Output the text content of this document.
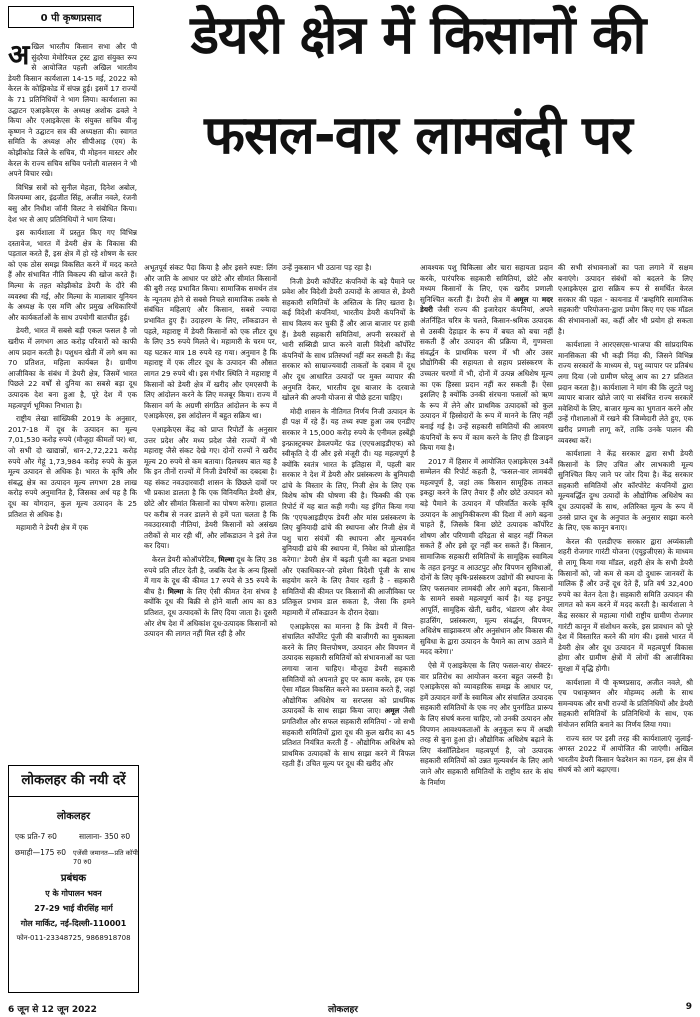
0 पी कृष्णप्रसाद	डेयरी क्षेत्र में किसानों की
फसल-वार लामबंदी पर

अखिल भारतीय किसान सभा और पी सुंदरैया मेमोरियल ट्रस्ट द्वारा संयुक्त रूप से आयोजित पहली अखिल भारतीय डेयरी किसान कार्यशाला 14-15 मई, 2022 को केरल के कोझिकोड में संपन्न हुई। इसमें 17 राज्यों के 71 प्रतिनिधियों ने भाग लिया। कार्यशाला का उद्घाटन एआइकेएस के अध्यक्ष अशोक ढवले ने किया और एआइकेएस के संयुक्त सचिव वीजू कृष्णन ने उद्घाटन सत्र की अध्यक्षता की। स्वागत समिति के अध्यक्ष और सीपीआइ (एम) के कोझीकोड जिले के सचिव, पी मोहनन मास्टर और केरल के राज्य सचिव सचिव पनोली वालसन ने भी अपने विचार रखे।

विभिन्न सत्रों को सुनील मेहता, दिनेश अबोल, विजयम्मा आर, इंद्रजीत सिंह, अजीत नवले, रंजनी बसु और निधीश जॉनी विलट ने संबोधित किया। देश भर से आए प्रतिनिधियों ने भाग लिया।

इस कार्यशाला में प्रस्तुत किए गए विभिन्न दस्तावेज, भारत में डेयरी क्षेत्र के विकास की पड़ताल करते हैं, इस क्षेत्र में हो रहे शोषण के स्तर को एक ठोस समझ विकसित करने में मदद करते हैं और संभावित नीति विकल्प की खोज करते हैं। मिल्मा के तहत कोझीकोड डेयरी के दौरे की व्यवस्था की गई, और मिल्मा के मालाबार यूनियन के अध्यक्ष के एस मणि और प्रमुख अधिकारियों और कार्यकर्ताओं के साथ उपयोगी बातचीत हुई।

डेयरी, भारत में सबसे बड़ी एकल फसल है जो खरीफ में लगभग आठ करोड़ परिवारों को काफी आय प्रदान करती है। पशुधन खेती में लगे श्रम का 70 प्रतिशत, महिला कार्यबल है। ग्रामीण आजीविका के संबंध में डेयरी क्षेत्र, जिसमें भारत पिछले 22 वर्षों से दुनिया का सबसे बड़ा दूध उत्पादक देश बना हुआ है, पूरे देश में एक महत्वपूर्ण भूमिका निभाता है।

राष्ट्रीय लेखा सांख्यिकी 2019 के अनुसार, 2017-18 में दूध के उत्पादन का मूल्य 7,01,530 करोड़ रुपये (मौजूदा कीमतों पर) था, जो सभी दो खाद्यान्नों, धान-2,72,221 करोड़ रुपये और गेहूं 1,73,984 करोड़ रुपये के कुल मूल्य उत्पादन से अधिक है। भारत के कृषि और संबद्ध क्षेत्र का उत्पादन मूल्य लगभग 28 लाख करोड़ रुपये अनुमानित है, जिसका अर्थ यह है कि दूध का योगदान, कुल मूल्य उत्पादन के 25 प्रतिशत से अधिक है।

महामारी ने डेयरी क्षेत्र में एक

अभूतपूर्व संकट पैदा किया है और इसने स्पष्ट: लिंग और जाति के आधार पर छोटे और सीमांत किसानों की बुरी तरह प्रभावित किया। सामाजिक समर्थन तंत्र के न्यूनतम होने से सबसे निचले सामाजिक तबके से संबंधित महिलाएं और किसान, सबसे ज्यादा प्रभावित हुए हैं। उदाहरण के लिए, लॉकडाउन से पहले, महाराष्ट्र में डेयरी किसानों को एक लीटर दूध के लिए 35 रुपये मिलते थे। महामारी के चरम पर, यह घटकर मात्र 18 रुपये रह गया। अनुमान है कि महाराष्ट्र में एक लीटर दूध के उत्पादन की औसत लागत 29 रुपये थी। इस गंभीर स्थिति ने महाराष्ट्र में किसानों को डेयरी क्षेत्र में खरीद और एमएसपी के लिए आंदोलन करने के लिए मजबूर किया। राज्य में किसान वर्ग के अग्रणी संगठित आंदोलन के रूप में एआइकेएस, इस आंदोलन में बहुत सक्रिय था।

एआइकेएस केंद्र को प्राप्त रिपोर्टों के अनुसार उत्तर प्रदेश और मध्य प्रदेश जैसे राज्यों में भी महाराष्ट्र जैसे संकट देखे गए। दोनों राज्यों ने खरीद मूल्य 20 रुपये से कम बताया। दिलचस्प बात यह है कि इन तीनों राज्यों में निजी डेयरियों का दबदबा है। यह संकट नवउदारवादी शासन के छिछले दावों पर भी प्रकाश डालता है कि एक विनियमित डेयरी क्षेत्र, छोटे और सीमांत किसानों का पोषण करेगा। हालात पर करीब से नजर डालने से हमें पता चलता है कि नवउदारवादी नीतियां, डेयरी किसानों को असंख्य तरीकों से मार रही थीं, और लॉकडाउन ने इसे तेज कर दिया।

केरल डेयरी कोऑपरेटिव, मिल्मा दूध के लिए 38 रुपये प्रति लीटर देती है, जबकि देश के अन्य हिस्सों में गाय के दूध की कीमत 17 रुपये से 35 रुपये के बीच है। मिल्मा के लिए ऐसी कीमत देना संभव है क्योंकि दूध की बिक्री से होने वाली आय का 83 प्रतिशत, दूध उत्पादकों के लिए दिया जाता है। दूसरी ओर शेष देश में अधिकांश दूध-उत्पादक किसानों को उत्पादन की लागत नहीं मिल रही है और

उन्हें नुकसान भी उठाना पड़ रहा है।

निजी डेयरी कॉर्पोरेट कंपनियों के बड़े पैमाने पर प्रवेश और विदेशी डेयरी उत्पादों के आयात से, डेयरी सहकारी समितियों के अस्तित्व के लिए खतरा है। कई विदेशी कंपनियां, भारतीय डेयरी कंपनियों के साथ विलय कर चुकी हैं और आज बाजार पर हावी हैं। डेयरी सहकारी समितियां, अपनी सरकारों से भारी सब्सिडी प्राप्त करने वाली विदेशी कॉर्पोरेट कंपनियों के साथ प्रतिस्पर्धा नहीं कर सकती हैं। केंद्र सरकार को साम्राज्यवादी ताकतों के दबाव में दूध और दूध आधारित उत्पादों पर मुक्त व्यापार की अनुमति देकर, भारतीय दूध बाजार के दरवाजे खोलने की अपनी योजना से पीछे हटना चाहिए।

मोदी शासन के नीतिगत निर्णय निजी उत्पादन के ही पक्ष में रहे हैं। यह तथ्य स्पष्ट हुआ जब एनडीए सरकार ने 15,000 करोड़ रुपये के एनीमल हस्बेंड्री इन्फ्रास्ट्रक्चर डेवलपमेंट फंड (एएचआइडीएफ) को स्वीकृति दे दी और इसे मंजूरी दी। यह महत्वपूर्ण है क्योंकि स्वतंत्र भारत के इतिहास में, पहली बार सरकार ने देश में डेयरी और प्रसंस्करण के बुनियादी ढांचे के विस्तार के लिए, निजी क्षेत्र के लिए एक विशेष कोष की घोषणा की है। फिक्की की एक रिपोर्ट में यह बात कही गयी। यह इंगित किया गया कि 'एएचआइडीएफ डेयरी और मांस प्रसंस्करण के लिए बुनियादी ढांचे की स्थापना और निजी क्षेत्र में पशु चारा संयंत्रों की स्थापना और मूल्यवर्धन बुनियादी ढांचे की स्थापना में, निवेश को प्रोत्साहित करेगा।' डेयरी क्षेत्र में बढ़ती पूंजी का बढ़ता प्रभाव और एकाधिकार-जो हमेशा विदेशी पूंजी के साथ सहयोग करने के लिए तैयार रहती है - सहकारी समितियों की कीमत पर किसानों की आजीविका पर प्रतिकूल प्रभाव डाल सकता है, जैसा कि हमने महामारी में लॉकडाउन के दौरान देखा।

एआइकेएस का मानना है कि डेयरी में वित्त-संचालित कॉर्पोरेट पूंजी की बाजीगरी का मुकाबला करने के लिए वित्तपोषण, उत्पादन और विपणन में उत्पादक सहकारी समितियों को संभावनाओं का पता लगाया जाना चाहिए। मौजूदा डेयरी सहकारी समितियों को अपनाते हुए पर काम करके, हम एक ऐसा मॉडल विकसित करने का प्रस्ताव करते हैं, जहां औद्योगिक अधिशेष या सरप्लस को प्राथमिक उत्पादकों के साथ साझा किया जाए। अमूल जैसी प्रगतिशील और सफल सहकारी समितियां - जो सभी सहकारी समितियों द्वारा दूध की कुल खरीद का 45 प्रतिशत नियंत्रित करती हैं - औद्योगिक अधिशेष को प्राथमिक उत्पादकों के साथ साझा करने में विफल रहती हैं। उचित मूल्य पर दूध की खरीद और

आवश्यक पशु चिकित्सा और चारा सहायता प्रदान करके, पारंपरिक सहकारी समितियां, छोटे और मध्यम किसानों के लिए, एक खरीद प्रणाली सुनिश्चित करती हैं। डेयरी क्षेत्र में अमूल या मदर डेयरी जैसी राज्य की इजारेदार कंपनियां, अपने अंतर्निहित चरित्र के चलते, किसान-श्रमिक उत्पादक से उसकी देहाड़ार के रूप में बचत को बचा नहीं सकती हैं और उत्पादन की प्रक्रिया में, गुणवत्ता संवर्द्धन के प्राथमिक चरण में भी और उसर प्रौद्योगिकी की सहायता से सहाय प्रसंस्करण के उच्चतर चरणों में भी, दोनों में उत्पन्न अधिशेष मूल्य का एक हिस्सा प्रदान नहीं कर सकती हैं। ऐसा इसलिए है क्योंकि उनकी संरचना फसलों को ऋण के रूप में लेने और प्राथमिक उत्पादकों को कुल उत्पादन में हिस्सेदारों के रूप में मानने के लिए नहीं बनाई गई है। उन्हें सहकारी समितियों की आवरण कंपनियों के रूप में काम करने के लिए ही डिजाइन किया गया है।

2017 में हिसार में आयोजित एआइकेएस 34वें सम्मेलन की रिपोर्ट कहती है, 'फसल-वार लामबंदी महत्वपूर्ण है, जहां तक किसान सामूहिक ताकत इकट्ठा करने के लिए तैयार हैं और छोटे उत्पादन को बड़े पैमाने के उत्पादन में परिवर्तित करके कृषि उत्पादन के आधुनिकीकरण की दिशा में आगे बढ़ना चाहते हैं, जिसके बिना छोटे उत्पादक कॉर्पोरेट शोषण और परिणामी दरिद्रता से बाहर नहीं निकल सकते हैं और इसे दूर नहीं कर सकते हैं। किसान, सामाजिक सहकारी समितियों के सामूहिक स्वामित्व के तहत इनपुट व आउटपुट और विपणन सुविधाओं, दोनों के लिए कृषि-प्रसंस्करण उद्योगों की स्थापना के लिए फसलवार लामबंदी और आगे बढ़ना, किसानों के सामने सबसे महत्वपूर्ण कार्य है। यह इनपुट आपूर्ति, सामूहिक खेती, खरीद, भंडारण और वेयर हाउसिंग, प्रसंस्करण, मूल्य संवर्द्धन, विपणन, अधिशेष साझाकरण और अनुसंधान और विकास की सुविधा के द्वारा उत्पादन के पैमाने का लाभ उठाने में मदद करेगा।'

ऐसे में एआइकेएस के लिए फसल-वार/ सेक्टर-वार प्रतिरोध का आयोजन करना बहुत जरूरी है। एआइकेएस को व्यावहारिक समझ के आधार पर, हमें उत्पादन वर्गों के स्वामित्व और संचालित उत्पादक सहकारी समितियों के एक नए और पुनर्गठित प्रारूप के लिए संघर्ष करना चाहिए, जो उनकी उत्पादन और विपणन आवश्यकताओं के अनुकूल रूप में अच्छी तरह से बुना हुआ हो। औद्योगिक अधिशेष बढ़ाने के लिए कंसॉलिडेशन महत्वपूर्ण है, जो उत्पादक सहकारी समितियों को उन्नत मूल्यवर्धन के लिए आगे जाने और सहकारी समितियों के राष्ट्रीय स्तर के संघ के निर्माण

की सभी संभावनाओं का पता लगाने में सक्षम बनाएंगे। उत्पादन संबंधों को बदलने के लिए एआइकेएस द्वारा सक्रिय रूप से समर्थित केरल सरकार की पहल - कायनाड में 'ब्रम्हगिरि सामाजिक सहकारी' परियोजना-द्वारा प्रयोग किए गए एक मॉडल की संभावनाओं का, कहीं और भी प्रयोग हो सकता है।

कार्यशाला ने आरएसएस-भाजपा की सांप्रदायिक मानसिकता की भी कड़ी निंदा की, जिसने विभिन्न राज्य सरकारों के माध्यम से, पशु व्यापार पर प्रतिबंध लगा दिया (जो ग्रामीण घरेलू आय का 27 प्रतिशत प्रदान करता है)। कार्यशाला ने मांग की कि लुटते पशु व्यापार बाजार खोले जाएं या संबंधित राज्य सरकारें मवेशियों के लिए, बाजार मूल्य का भुगतान करने और उन्हें गौशालाओं में रखने की जिम्मेदारी लेते हुए, एक खरीद प्रणाली लागू करें, ताकि उनके पालन की व्यवस्था करें।

कार्यशाला ने केंद्र सरकार द्वारा सभी डेयरी किसानों के लिए उचित और लाभकारी मूल्य सुनिश्चित किए जाने पर जोर दिया है। केंद्र सरकार सहकारी समितियों और कॉरपोरेट कंपनियों द्वारा मूल्यवर्द्धित दुग्ध उत्पादों के औद्योगिक अधिशेष का दूध उत्पादकों के साथ, अतिरिक्त मूल्य के रूप में उनसे प्राप्त दूध के अनुपात के अनुसार साझा करने के लिए, एक कानून बनाए।

केरल की एलडीएफ सरकार द्वारा अय्यंकाली शहरी रोजगार गारंटी योजना (एयूइजीएस) के माध्यम से लागू किया गया मॉडल, शहरी क्षेत्र के सभी डेयरी किसानों को, जो कम से कम दो दुधारू जानवरों के मालिक हैं और उन्हें दूध देते हैं, प्रति वर्ष 32,400 रुपये का वेतन देता है। सहकारी समिति उत्पादन की लागत को कम करने में मदद करती है। कार्यशाला ने केंद्र सरकार से महात्मा गांधी राष्ट्रीय ग्रामीण रोजगार गारंटी कानून में संशोधन करके, इस प्रावधान को पूरे देश में विस्तारित करने की मांग की। इससे भारत में डेयरी क्षेत्र और दूध उत्पादन में महत्वपूर्ण विकास होगा और ग्रामीण क्षेत्रों में लोगों की आजीविका सुरक्षा में वृद्धि होगी।

कार्यशाला में पी कृष्णप्रसाद, अजीत नवले, श्री एच पधाकृष्णन और मोहम्मद अली के साथ समन्वयक और सभी राज्यों के प्रतिनिधियों और डेयरी सहकारी समितियों के प्रतिनिधियों के साथ, एक संयोजन समिति बनाने का निर्णय लिया गया।

राज्य स्तर पर इसी तरह की कार्यशालाएं जुलाई-अगस्त 2022 में आयोजित की जाएंगी। अखिल भारतीय डेयरी किसान फेडरेशन का गठन, इस क्षेत्र में संघर्ष को आगे बढ़ाएगा।

लोकलहर की नयी दरें
लोकलहर
एक प्रति-7 रु0	सालाना- 350 रु0
छमाही—175 रु0 एजेंसी जमानत—प्रति कॉपी 70 रु0
प्रबंधक
ए के गोपालन भवन
27-29 भाई वीरसिंह मार्ग
गोल मार्किट, नई-दिल्ली-110001
फोन-011-23348725, 9868918708
6 जून से 12 जून 2022	लोकलहर	9
